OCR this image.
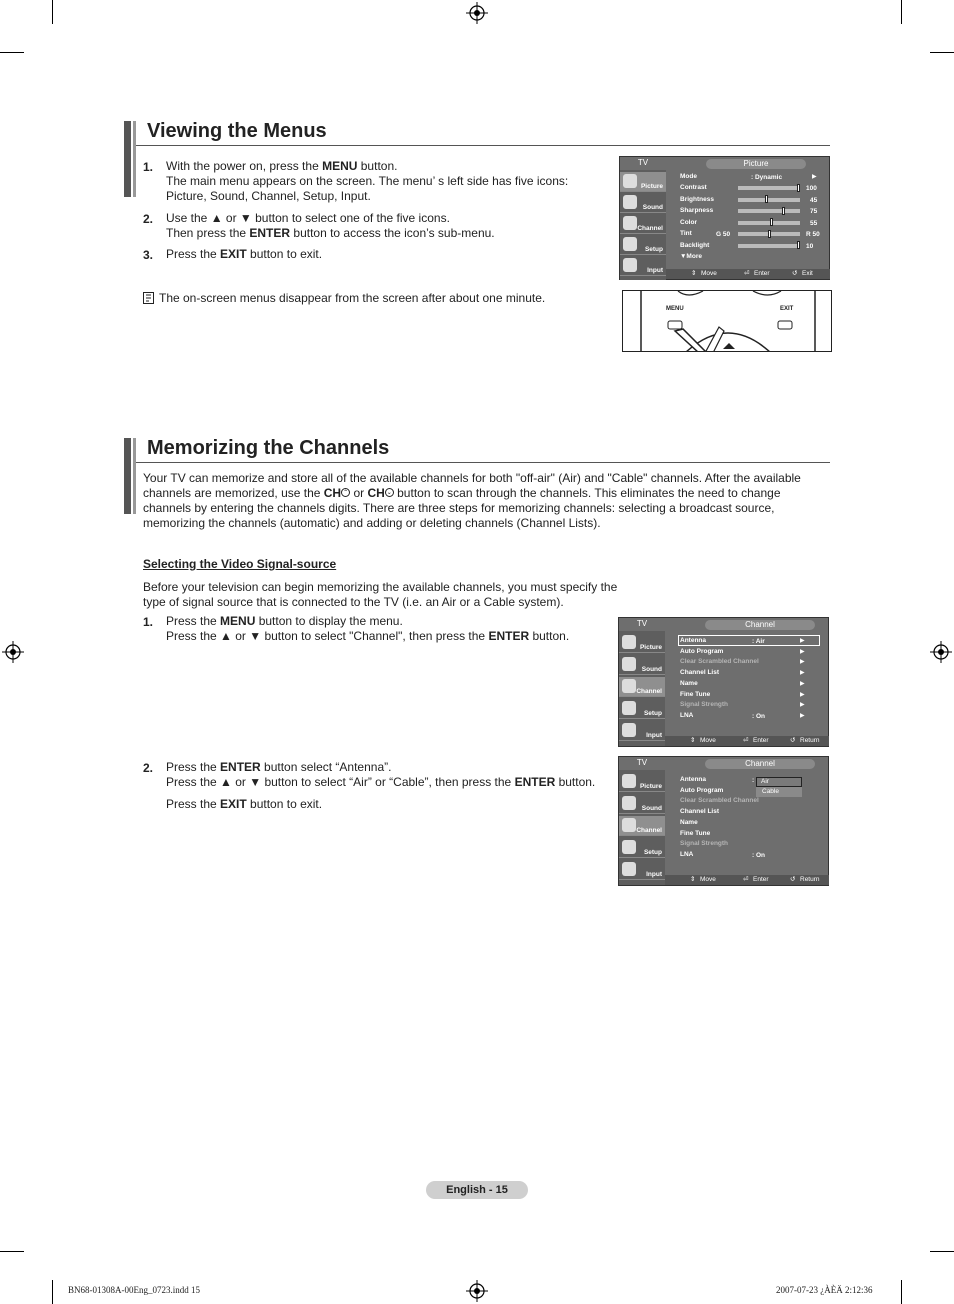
Viewing the Menus
1. With the power on, press the MENU button.
The main menu appears on the screen. The menu’ s left side has five icons:
Picture, Sound, Channel, Setup, Input.
2. Use the ▲ or ▼ button to select one of the five icons.
Then press the ENTER button to access the icon’s sub-menu.
3. Press the EXIT button to exit.
The on-screen menus disappear from the screen after about one minute.
TV	Picture
Picture
Sound
Channel
Setup
Input
Mode	: Dynamic	▶
Contrast	100
Brightness	45
Sharpness	75
Color	55
Tint	G 50	R 50
Backlight	10
▼More
⇕ Move	⏎ Enter	↺ Exit
MENU	EXIT
Memorizing the Channels
Your TV can memorize and store all of the available channels for both "off-air" (Air) and "Cable" channels. After the available
channels are memorized, use the CH ⌃ or CH ⌄ button to scan through the channels. This eliminates the need to change
channels by entering the channels digits. There are three steps for memorizing channels: selecting a broadcast source,
memorizing the channels (automatic) and adding or deleting channels (Channel Lists).
Selecting the Video Signal-source
Before your television can begin memorizing the available channels, you must specify the
type of signal source that is connected to the TV (i.e. an Air or a Cable system).
1. Press the MENU button to display the menu.
Press the ▲ or ▼ button to select "Channel", then press the ENTER button.
2. Press the ENTER button select “Antenna”.
Press the ▲ or ▼ button to select “Air” or “Cable”, then press the ENTER button.
Press the EXIT button to exit.
TV	Channel
Picture
Sound
Channel
Setup
Input
Antenna	: Air	▶
Auto Program	▶
Clear Scrambled Channel	▶
Channel List	▶
Name	▶
Fine Tune	▶
Signal Strength	▶
LNA	: On	▶
⇕ Move	⏎ Enter	↺ Return
TV	Channel
Picture
Sound
Channel
Setup
Input
Antenna	:	Air
Cable
Auto Program
Clear Scrambled Channel
Channel List
Name
Fine Tune
Signal Strength
LNA	: On
⇕ Move	⏎ Enter	↺ Return
English - 15
BN68-01308A-00Eng_0723.indd 15	2007-07-23 ¿ÀÈÄ 2:12:36
